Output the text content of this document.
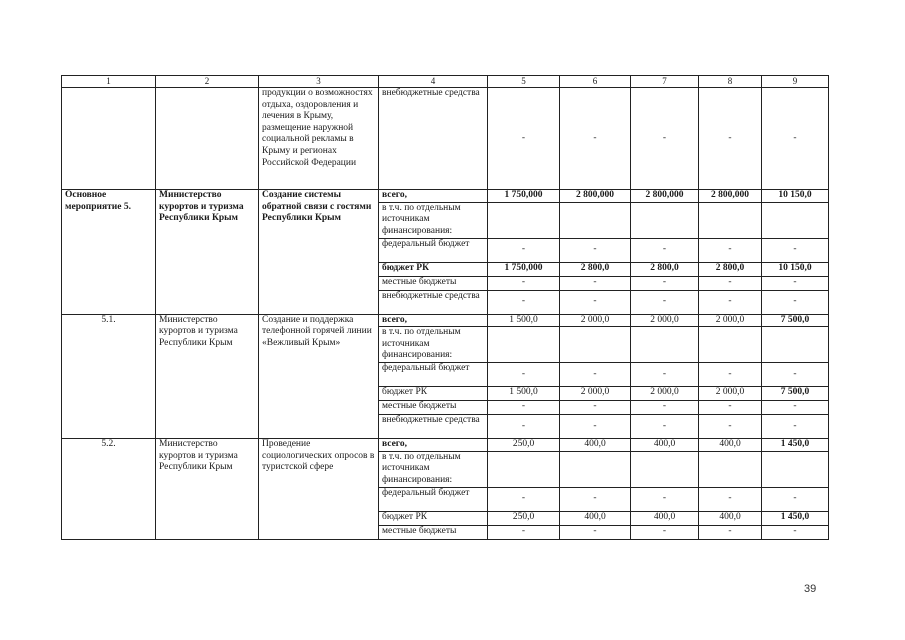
1	2	3	4	5	6	7	8	9
		продукции о возможностях отдыха, оздоровления и лечения в Крыму, размещение наружной социальной рекламы в Крыму и регионах Российской Федерации	внебюджетные средства	-	-	-	-	-
Основное мероприятие 5.	Министерство курортов и туризма Республики Крым	Создание системы обратной связи с гостями Республики Крым	всего,	1 750,000	2 800,000	2 800,000	2 800,000	10 150,0
			в т.ч. по отдельным источникам финансирования:					
			федеральный бюджет	-	-	-	-	-
			бюджет РК	1 750,000	2 800,0	2 800,0	2 800,0	10 150,0
			местные бюджеты	-	-	-	-	-
			внебюджетные средства	-	-	-	-	-
5.1.	Министерство курортов и туризма Республики Крым	Создание и поддержка телефонной горячей линии «Вежливый Крым»	всего,	1 500,0	2 000,0	2 000,0	2 000,0	7 500,0
			в т.ч. по отдельным источникам финансирования:					
			федеральный бюджет	-	-	-	-	-
			бюджет РК	1 500,0	2 000,0	2 000,0	2 000,0	7 500,0
			местные бюджеты	-	-	-	-	-
			внебюджетные средства	-	-	-	-	-
5.2.	Министерство курортов и туризма Республики Крым	Проведение социологических опросов в туристской сфере	всего,	250,0	400,0	400,0	400,0	1 450,0
			в т.ч. по отдельным источникам финансирования:					
			федеральный бюджет	-	-	-	-	-
			бюджет РК	250,0	400,0	400,0	400,0	1 450,0
			местные бюджеты	-	-	-	-	-
39
